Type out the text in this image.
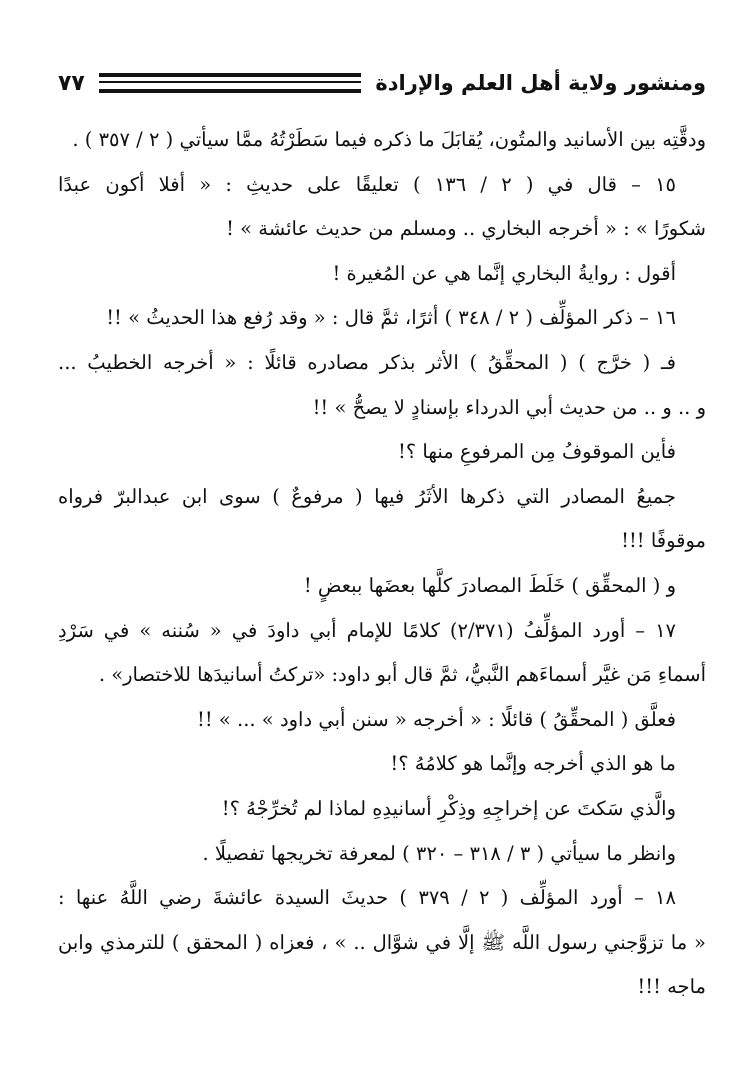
ومنشور ولاية أهل العلم والإرادة
٧٧
ودقَّتِه بين الأسانيد والمتُون، يُقابَلَ ما ذكره فيما سَطَرْتُهُ ممَّا سيأتي ( ٢ / ٣٥٧ ) .
١٥ – قال في ( ٢ / ١٣٦ ) تعليقًا على حديثِ : « أفلا أكون عبدًا
شكورًا » : « أخرجه البخاري .. ومسلم من حديث عائشة » !
أقول : روايةُ البخاري إنَّما هي عن المُغيرة !
١٦ – ذكر المؤلِّف ( ٢ / ٣٤٨ ) أثرًا، ثمَّ قال : « وقد رُفع هذا الحديثُ » !!
فـ ( خرَّج ) ( المحقِّقُ ) الأثر بذكر مصادره قائلًا : « أخرجه الخطيبُ ...
و .. و .. من حديث أبي الدرداء بإسنادٍ لا يصحُّ » !!
فأين الموقوفُ مِن المرفوعِ منها ؟!
جميعُ المصادر التي ذكرها الأثَرُ فيها ( مرفوعٌ ) سوى ابن عبدالبرّ فرواه
موقوفًا !!!
و ( المحقِّق ) خَلَطَ المصادرَ كلَّها بعضَها ببعضٍ !
١٧ – أورد المؤلِّفُ (٢/٣٧١) كلامًا للإمام أبي داودَ في « سُننه » في سَرْدِ
أسماءِ مَن غيَّر أسماءَهم النَّبيُّ، ثمَّ قال أبو داود: «تركتُ أسانيدَها للاختصار» .
فعلَّق ( المحقِّقُ ) قائلًا : « أخرجه « سنن أبي داود » ... » !!
ما هو الذي أخرجه وإنَّما هو كلامُهُ ؟!
والَّذي سَكتَ عن إخراجِهِ وذِكْرِ أسانيدِهِ لماذا لم تُخرِّجْهُ ؟!
وانظر ما سيأتي ( ٣ / ٣١٨ – ٣٢٠ ) لمعرفة تخريجها تفصيلًا .
١٨ – أورد المؤلِّف ( ٢ / ٣٧٩ ) حديثَ السيدة عائشةَ رضي اللَّهُ عنها :
« ما تزوَّجني رسول اللَّه ﷺ إلَّا في شوَّال .. » ، فعزاه ( المحقق ) للترمذي وابن
ماجه !!!
